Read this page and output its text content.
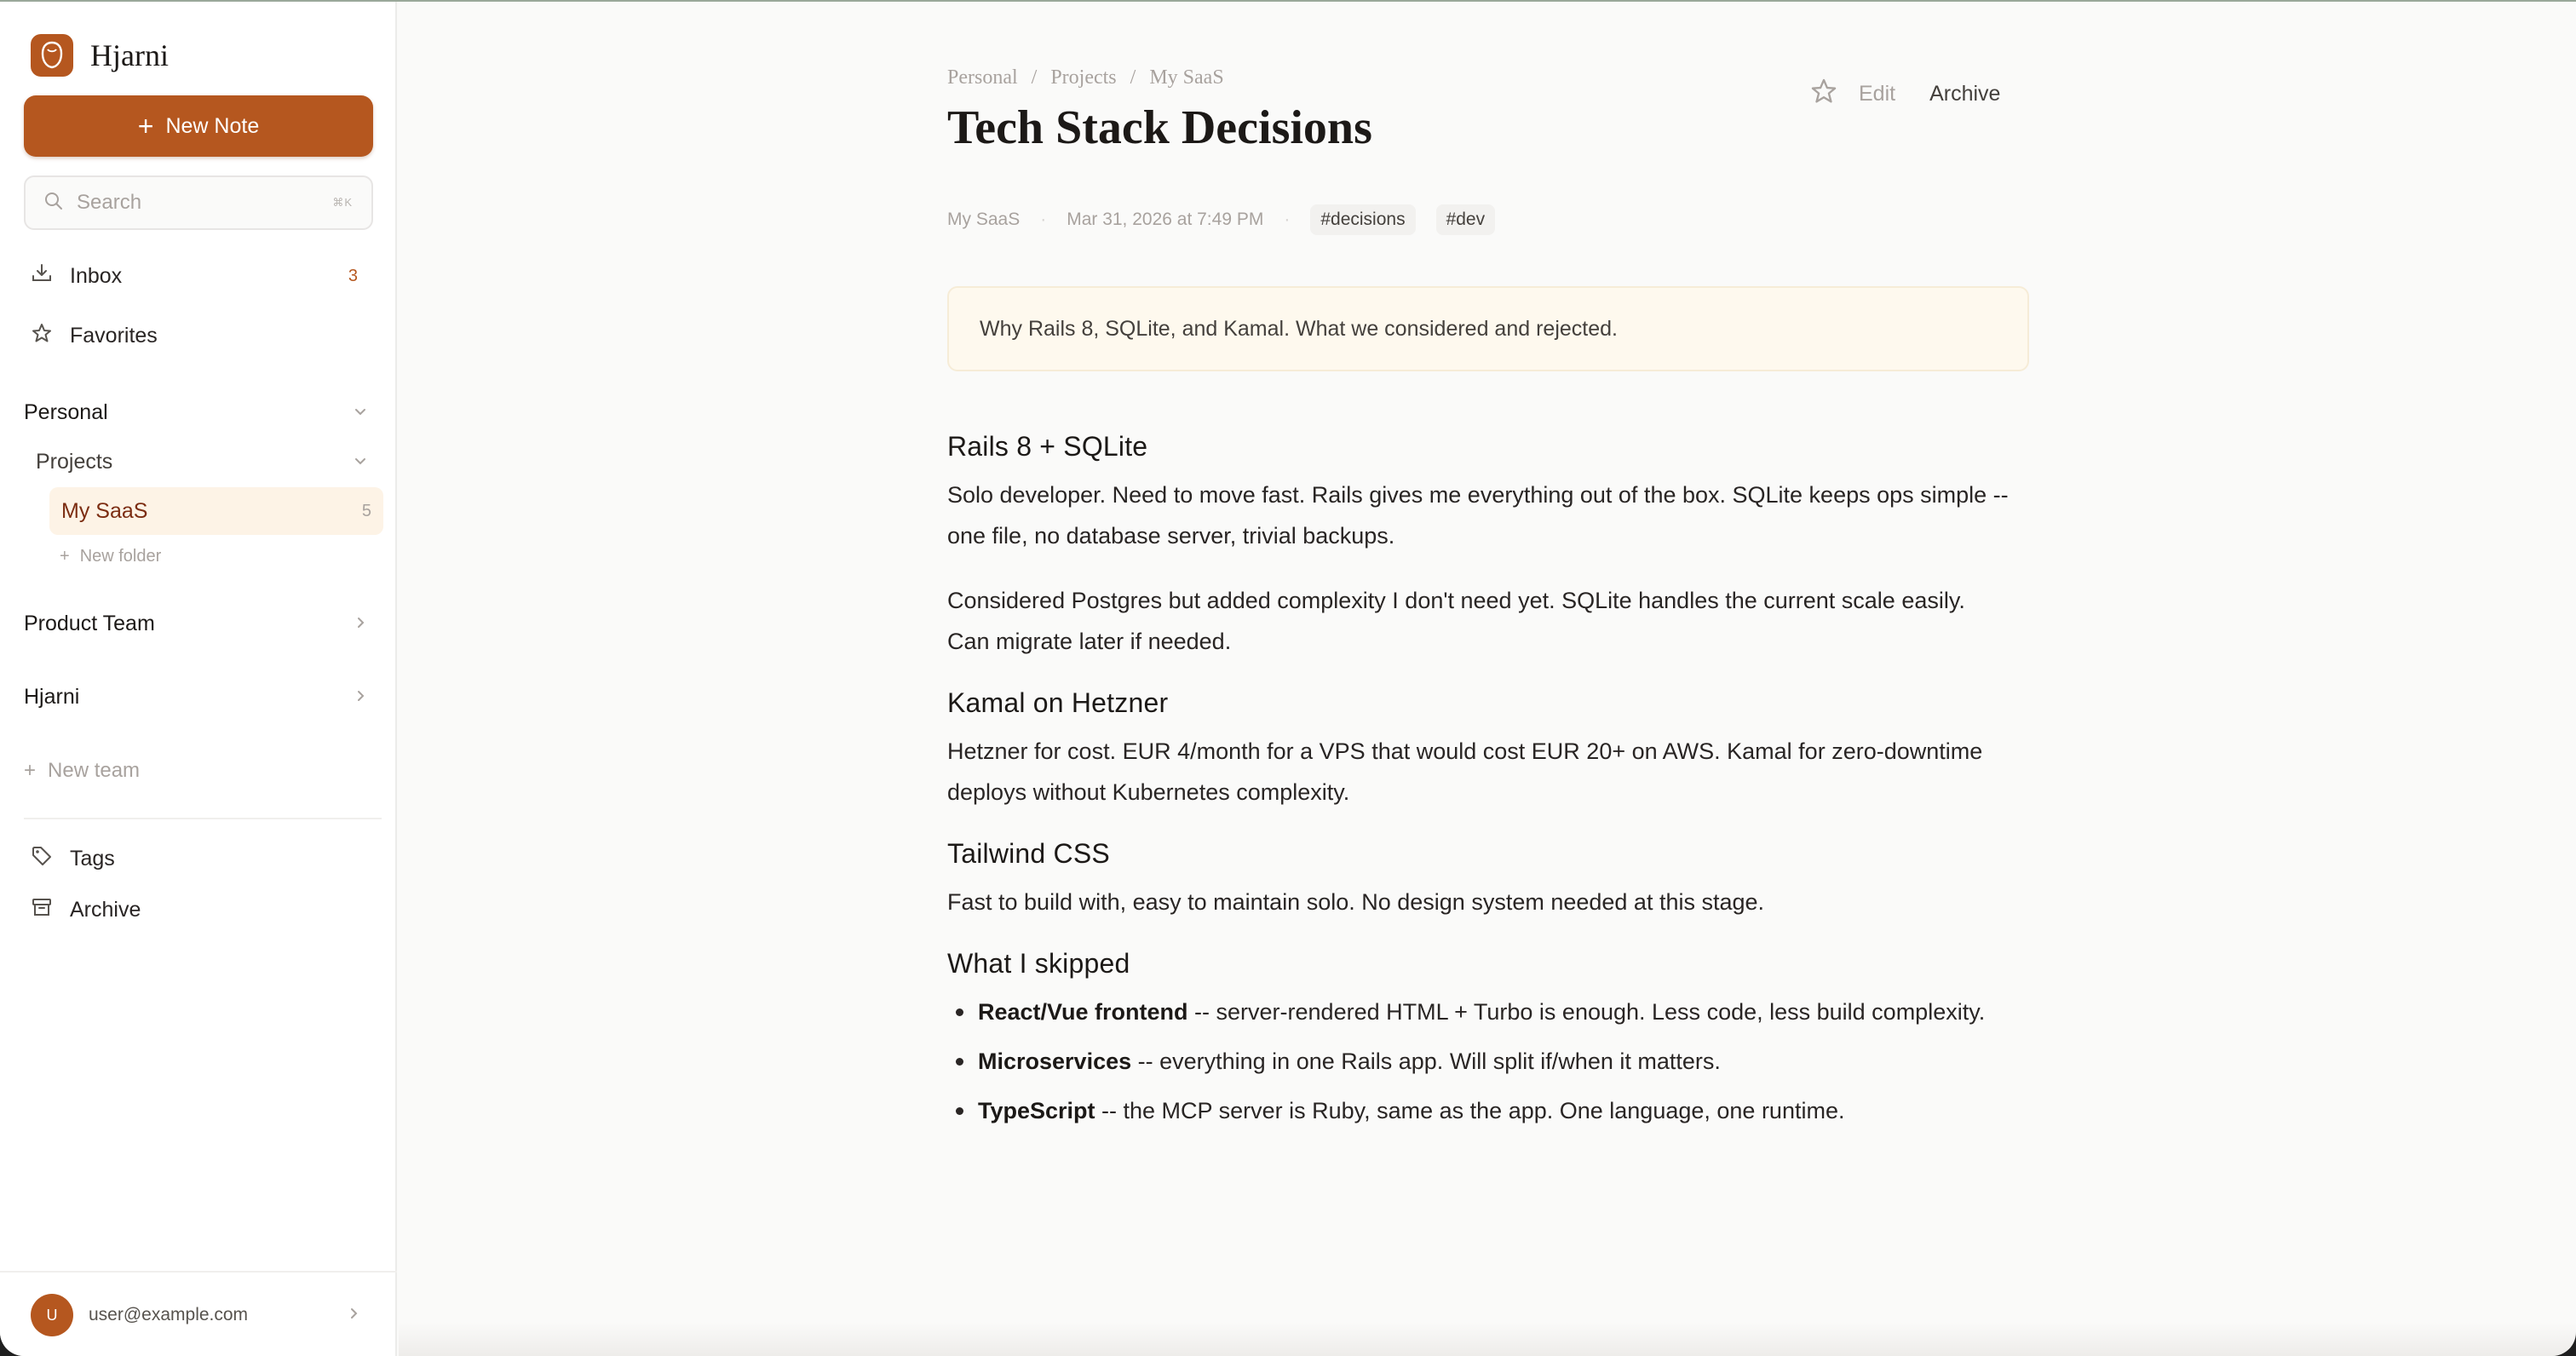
Hjarni
+ New Note
Search	⌘K
Inbox	3
Favorites
Personal
Projects
My SaaS	5
+ New folder
Product Team
Hjarni
+ New team
Tags
Archive
U	user@example.com
Personal / Projects / My SaaS
Tech Stack Decisions
Edit Archive
My SaaS · Mar 31, 2026 at 7:49 PM ·	#decisions	#dev
Why Rails 8, SQLite, and Kamal. What we considered and rejected.
Rails 8 + SQLite

Solo developer. Need to move fast. Rails gives me everything out of the box. SQLite keeps ops simple -- one file, no database server, trivial backups.

Considered Postgres but added complexity I don't need yet. SQLite handles the current scale easily. Can migrate later if needed.

Kamal on Hetzner

Hetzner for cost. EUR 4/month for a VPS that would cost EUR 20+ on AWS. Kamal for zero-downtime deploys without Kubernetes complexity.

Tailwind CSS

Fast to build with, easy to maintain solo. No design system needed at this stage.

What I skipped
React/Vue frontend -- server-rendered HTML + Turbo is enough. Less code, less build complexity.
Microservices -- everything in one Rails app. Will split if/when it matters.
TypeScript -- the MCP server is Ruby, same as the app. One language, one runtime.
